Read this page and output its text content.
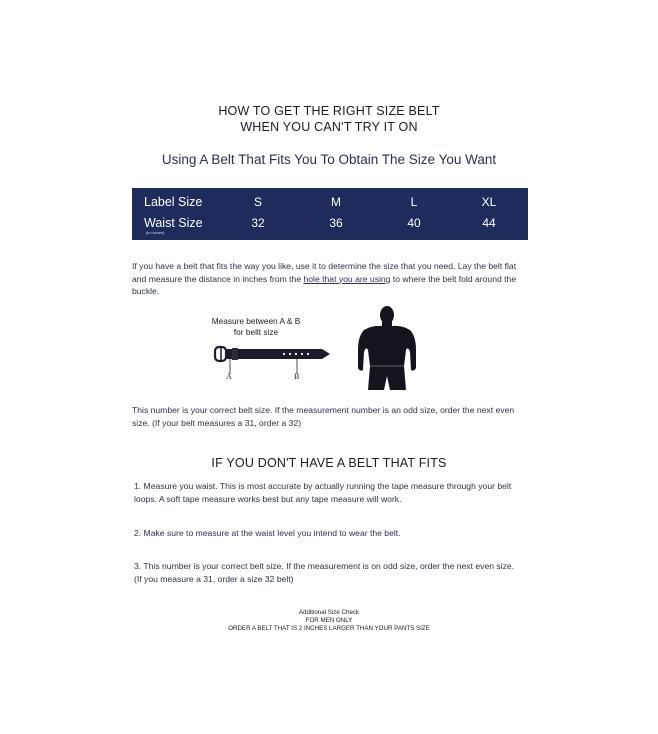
HOW TO GET THE RIGHT SIZE BELT
WHEN YOU CAN'T TRY IT ON
Using A Belt That Fits You To Obtain The Size You Want
Label Size	S	M	L	XL
Waist Size	32	36	40	44
(in inches)
If you have a belt that fits the way you like, use it to determine the size that you need. Lay the belt flat and measure the distance in inches from the hole that you are using to where the belt fold around the buckle.
Measure between A & B
for bellt size
A	B
This number is your correct belt size. If the measurement number is an odd size, order the next even size. (If your belt measures a 31, order a 32)
IF YOU DON'T HAVE A BELT THAT FITS
1. Measure you waist. This is most accurate by actually running the tape measure through your belt loops. A soft tape measure works best but any tape measure will work.
2. Make sure to measure at the waist level you intend to wear the belt.
3. This number is your correct belt size. If the measurement is on odd size, order the next even size. (If you measure a 31, order a size 32 belt)
Additional Size Check
FOR MEN ONLY
ORDER A BELT THAT IS 2 INCHES LARGER THAN YOUR PANTS SIZE
